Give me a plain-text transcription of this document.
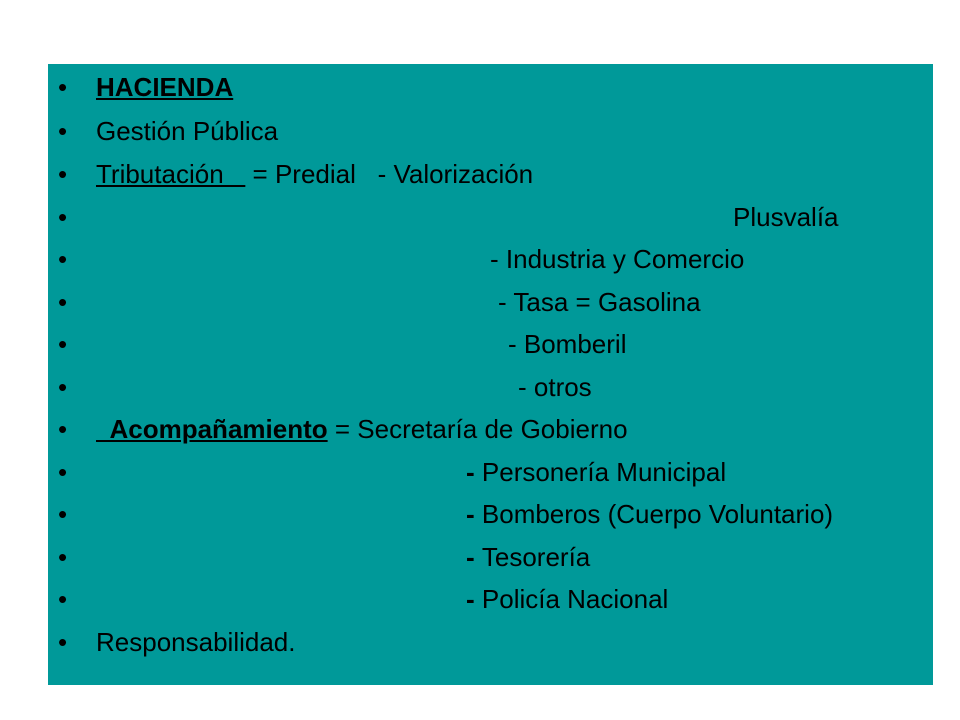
• HACIENDA
• Gestión Pública
• Tributación    = Predial   - Valorización
•	Plusvalía
•	- Industria y Comercio
•	- Tasa = Gasolina
•	- Bomberil
•	- otros
• Acompañamiento = Secretaría de Gobierno
•	- Personería Municipal
•	- Bomberos (Cuerpo Voluntario)
•	- Tesorería
•	- Policía Nacional
• Responsabilidad.
